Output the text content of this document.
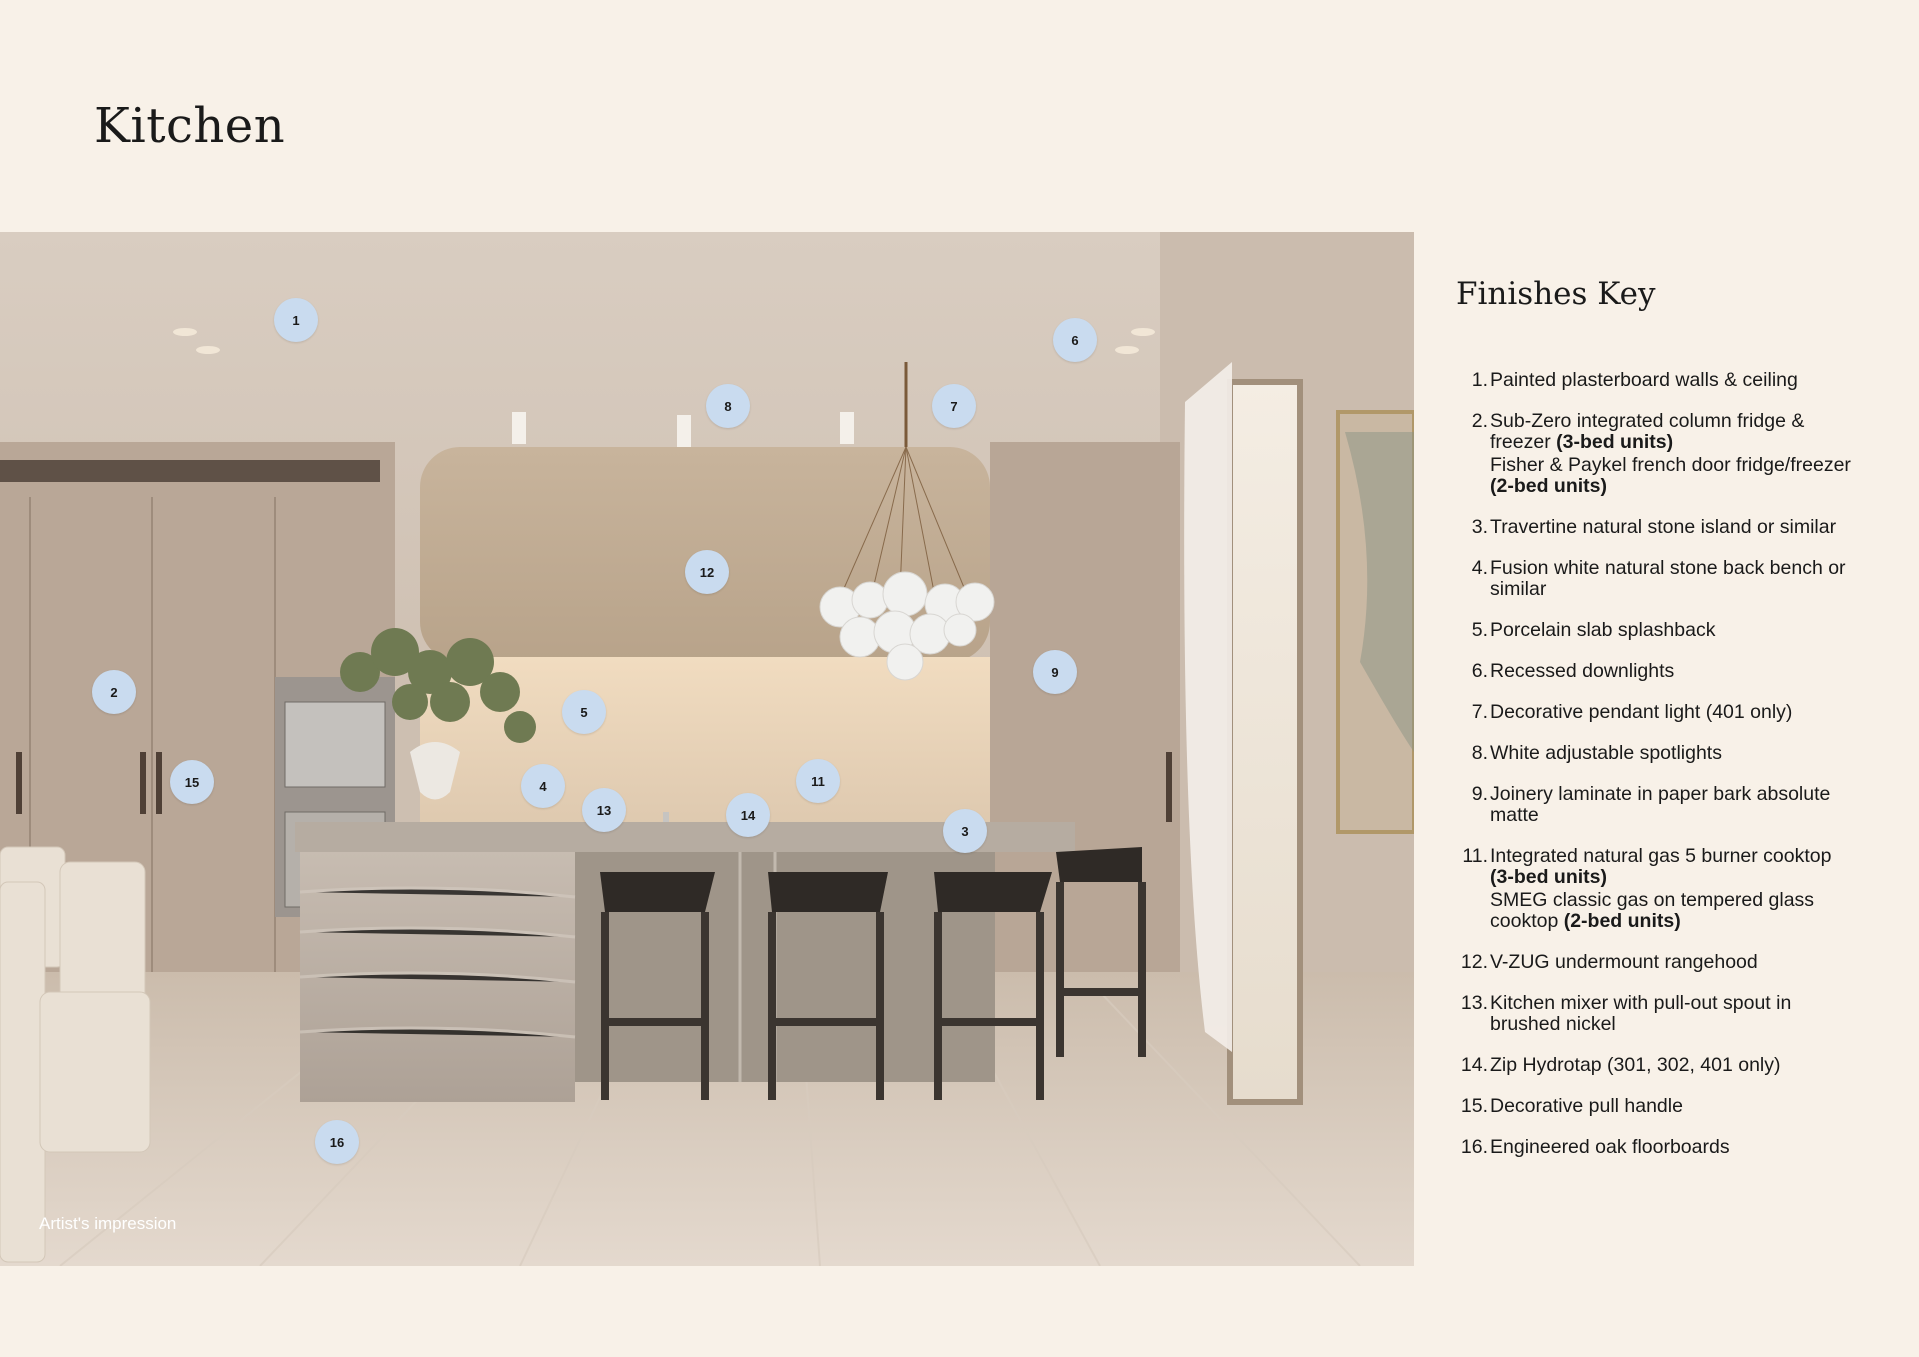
Kitchen
1
6
8	7
12
9
2
5
15	4	11
13	14
3
16
Artist's impression
Finishes Key
1. Painted plasterboard walls & ceiling
2. Sub-Zero integrated column fridge & freezer (3-bed units)
Fisher & Paykel french door fridge/freezer (2-bed units)
3. Travertine natural stone island or similar
4. Fusion white natural stone back bench or similar
5. Porcelain slab splashback
6. Recessed downlights
7. Decorative pendant light (401 only)
8. White adjustable spotlights
9. Joinery laminate in paper bark absolute matte
11. Integrated natural gas 5 burner cooktop (3-bed units)
SMEG classic gas on tempered glass cooktop (2-bed units)
12. V-ZUG undermount rangehood
13. Kitchen mixer with pull-out spout in brushed nickel
14. Zip Hydrotap (301, 302, 401 only)
15. Decorative pull handle
16. Engineered oak floorboards
